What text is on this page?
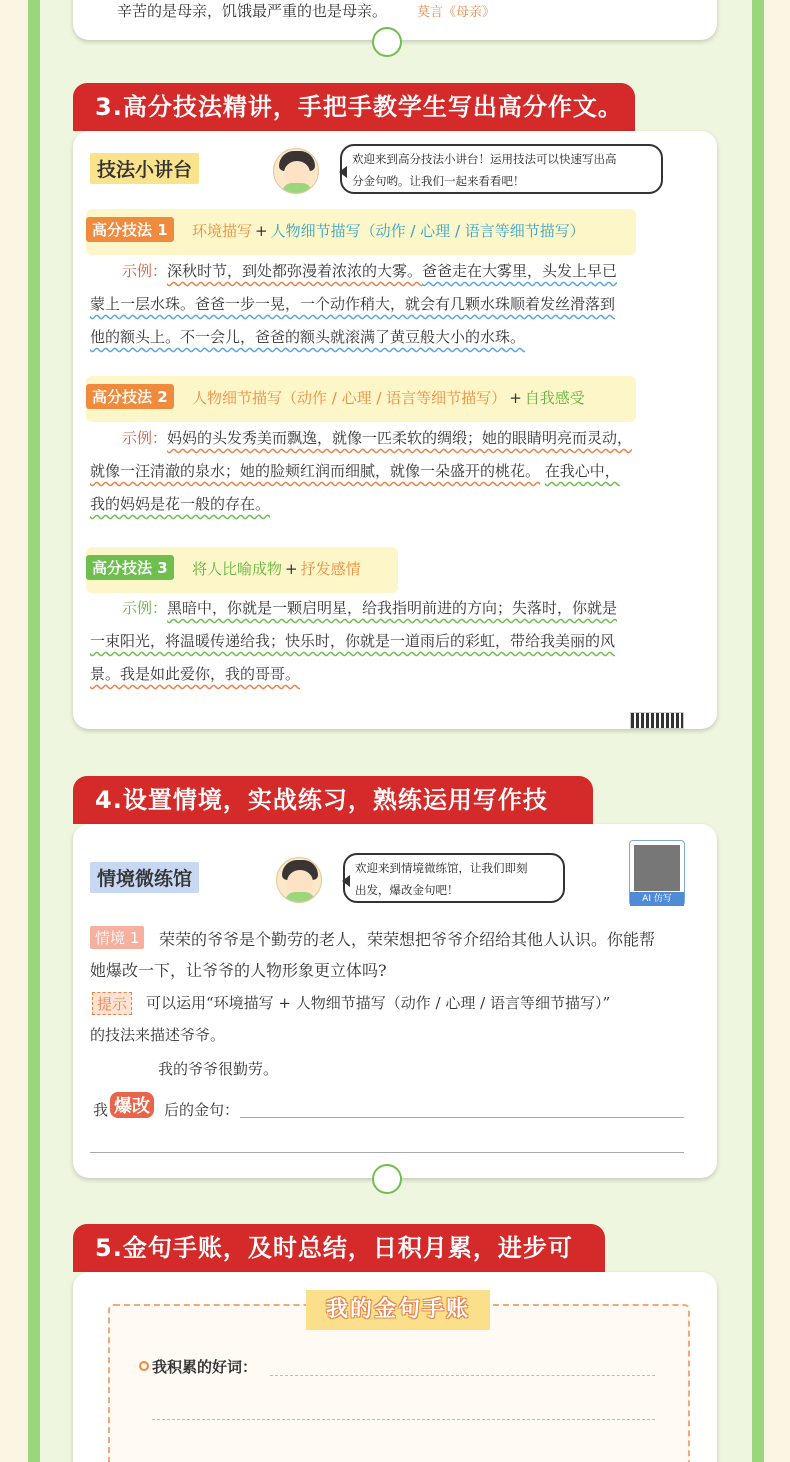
辛苦的是母亲，饥饿最严重的也是母亲。 莫言《母亲》
3.高分技法精讲，手把手教学生写出高分作文。
技法小讲台	欢迎来到高分技法小讲台！运用技法可以快速写出高
分金句哟。让我们一起来看看吧！
高分技法 1	环境描写 + 人物细节描写（动作 / 心理 / 语言等细节描写）
示例：深秋时节，到处都弥漫着浓浓的大雾。爸爸走在大雾里，头发上早已
蒙上一层水珠。爸爸一步一晃，一个动作稍大，就会有几颗水珠顺着发丝滑落到
他的额头上。不一会儿，爸爸的额头就滚满了黄豆般大小的水珠。
高分技法 2	人物细节描写（动作 / 心理 / 语言等细节描写） + 自我感受
示例：妈妈的头发秀美而飘逸，就像一匹柔软的绸缎；她的眼睛明亮而灵动，
就像一汪清澈的泉水；她的脸颊红润而细腻，就像一朵盛开的桃花。 在我心中，
我的妈妈是花一般的存在。
高分技法 3	将人比喻成物 + 抒发感情
示例：黑暗中，你就是一颗启明星，给我指明前进的方向；失落时，你就是
一束阳光，将温暖传递给我；快乐时，你就是一道雨后的彩虹，带给我美丽的风
景。我是如此爱你，我的哥哥。
4.设置情境，实战练习，熟练运用写作技
情境微练馆	欢迎来到情境微练馆，让我们即刻
出发，爆改金句吧！
AI 仿写
情境 1	荣荣的爷爷是个勤劳的老人，荣荣想把爷爷介绍给其他人认识。你能帮
她爆改一下，让爷爷的人物形象更立体吗?
提示	可以运用“环境描写 + 人物细节描写（动作 / 心理 / 语言等细节描写）”
的技法来描述爷爷。
我的爷爷很勤劳。
我 爆改 后的金句：
5.金句手账，及时总结，日积月累，进步可
我的金句手账
我积累的好词：
